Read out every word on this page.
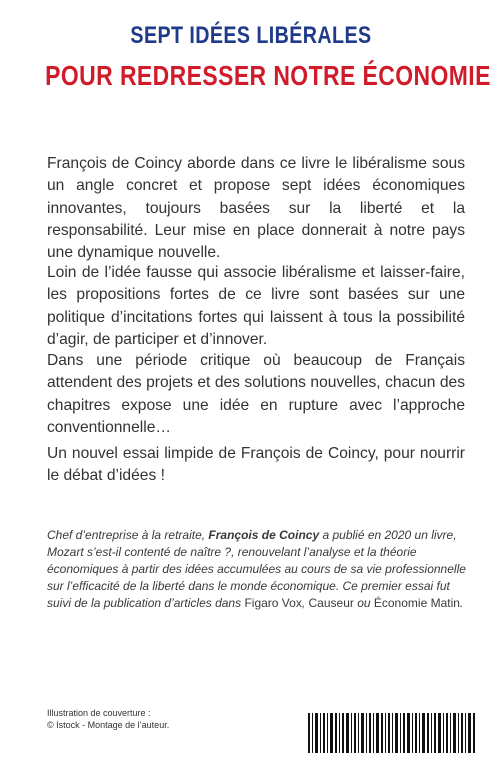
SEPT IDÉES LIBÉRALES
POUR REDRESSER NOTRE ÉCONOMIE
François de Coincy aborde dans ce livre le libéralisme sous un angle concret et propose sept idées économiques innovantes, toujours basées sur la liberté et la responsabilité. Leur mise en place donnerait à notre pays une dynamique nouvelle.
Loin de l’idée fausse qui associe libéralisme et laisser-faire, les propositions fortes de ce livre sont basées sur une politique d’incitations fortes qui laissent à tous la possibilité d’agir, de participer et d’innover.
Dans une période critique où beaucoup de Français attendent des projets et des solutions nouvelles, chacun des chapitres expose une idée en rupture avec l’approche conventionnelle…
Un nouvel essai limpide de François de Coincy, pour nourrir le débat d’idées !
Chef d’entreprise à la retraite, François de Coincy a publié en 2020 un livre, Mozart s’est-il contenté de naître ?, renouvelant l’analyse et la théorie économiques à partir des idées accumulées au cours de sa vie professionnelle sur l’efficacité de la liberté dans le monde économique. Ce premier essai fut suivi de la publication d’articles dans Figaro Vox, Causeur ou Économie Matin.
Illustration de couverture :
© Istock - Montage de l’auteur.
